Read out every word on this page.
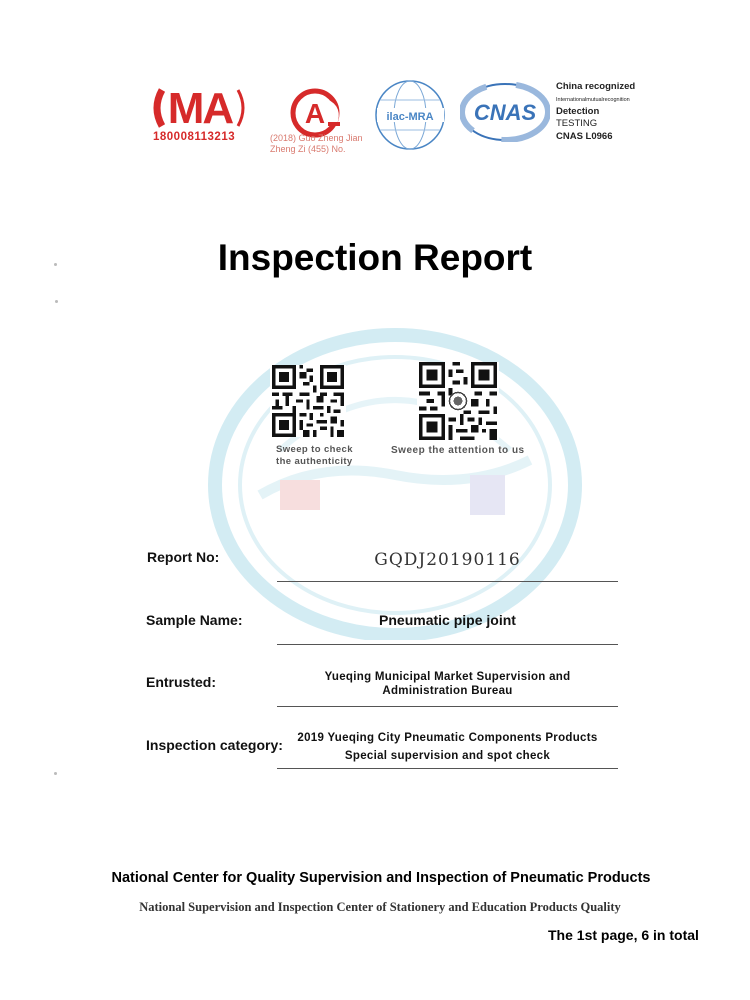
MA
180008113213
A
(2018) Guo Zheng Jian Zheng Zi (455) No.
ilac-MRA CNAS
China recognized
Internationalmutualrecognition
Detection
TESTING
CNAS L0966
Inspection Report
Sweep to check the authenticity
Sweep the attention to us
Report No:	GQDJ20190116
Sample Name:	Pneumatic pipe joint
Entrusted:	Yueqing Municipal Market Supervision and
Administration Bureau
Inspection category:	2019 Yueqing City Pneumatic Components Products
Special supervision and spot check
National Center for Quality Supervision and Inspection of Pneumatic Products
National Supervision and Inspection Center of Stationery and Education Products Quality
The 1st page, 6 in total
